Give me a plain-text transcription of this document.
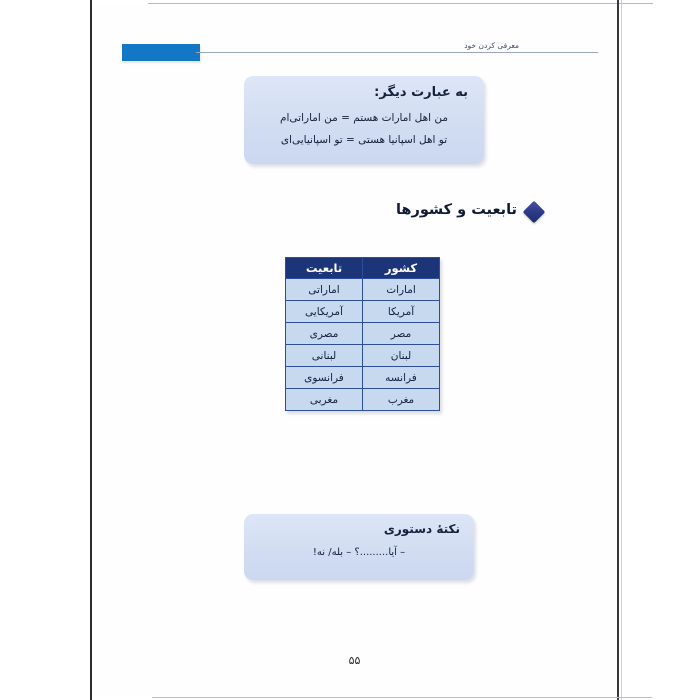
معرفی کردن خود
به عبارت دیگر:
من اهل امارات هستم = من اماراتی‌ام
تو اهل اسپانیا هستی = تو اسپانیایی‌ای
تابعیت و کشورها
کشور	تابعیت
امارات	اماراتی
آمریکا	آمریکایی
مصر	مصری
لبنان	لبنانی
فرانسه	فرانسوی
مغرب	مغربی
نکتهٔ دستوری
– آیا.........؟ – بله/ نه!
۵۵
